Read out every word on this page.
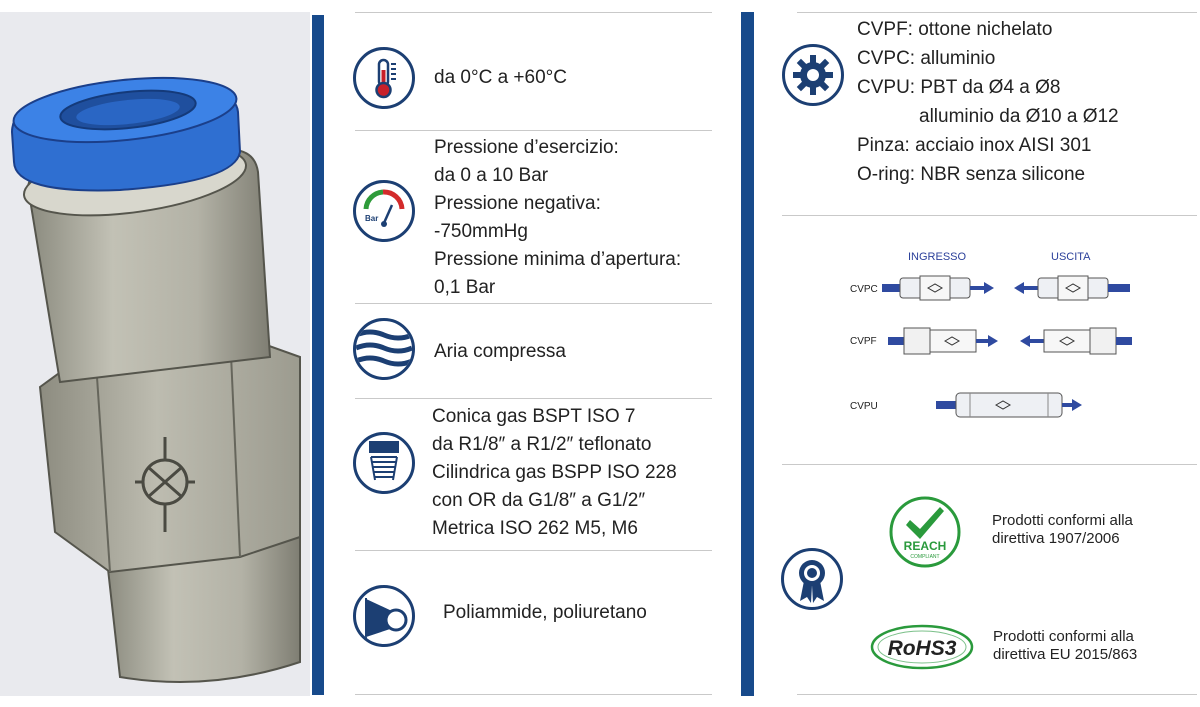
da 0°C a +60°C
Bar
Pressione d’esercizio:
da 0 a 10 Bar
Pressione negativa:
-750mmHg
Pressione minima d’apertura:
0,1 Bar
Aria compressa
Conica gas BSPT ISO 7
da R1/8″ a R1/2″ teflonato
Cilindrica gas BSPP ISO 228
con OR da G1/8″ a G1/2″
Metrica ISO 262 M5, M6
Poliammide, poliuretano
CVPF: ottone nichelato
CVPC: alluminio
CVPU: PBT da Ø4 a Ø8
alluminio da Ø10 a Ø12
Pinza: acciaio inox AISI 301
O-ring: NBR senza silicone
INGRESSO	USCITA
CVPC
CVPF
CVPU
REACH
COMPLIANT
Prodotti conformi alla
direttiva 1907/2006
RoHS3
Prodotti conformi alla
direttiva EU 2015/863
